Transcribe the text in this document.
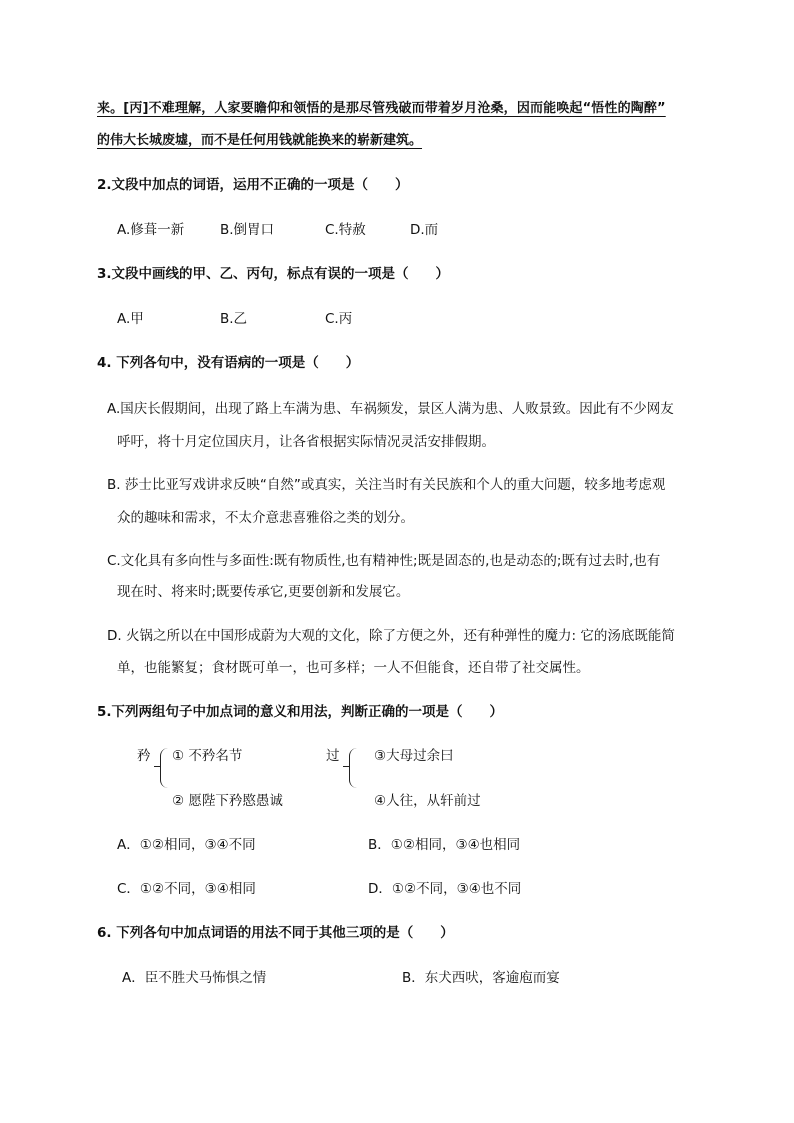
来。[丙]不难理解，人家要瞻仰和领悟的是那尽管残破而带着岁月沧桑，因而能唤起“悟性的陶醉”
的伟大长城废墟，而不是任何用钱就能换来的崭新建筑。
2.文段中加点的词语，运用不正确的一项是（　　）
A.修葺一新	B.倒胃口	C.特赦	D.而
3.文段中画线的甲、乙、丙句，标点有误的一项是（　　）
A.甲	B.乙	C.丙
4. 下列各句中，没有语病的一项是（　　）
A.国庆长假期间，出现了路上车满为患、车祸频发，景区人满为患、人败景致。因此有不少网友
呼吁，将十月定位国庆月，让各省根据实际情况灵活安排假期。
B. 莎士比亚写戏讲求反映“自然”或真实，关注当时有关民族和个人的重大问题，较多地考虑观
众的趣味和需求，不太介意悲喜雅俗之类的划分。
C.文化具有多向性与多面性:既有物质性,也有精神性;既是固态的,也是动态的;既有过去时,也有
现在时、将来时;既要传承它,更要创新和发展它。
D. 火锅之所以在中国形成蔚为大观的文化，除了方便之外，还有种弹性的魔力: 它的汤底既能简
单，也能繁复；食材既可单一，也可多样；一人不但能食，还自带了社交属性。
5.下列两组句子中加点词的意义和用法，判断正确的一项是（　　）
矜 ① 不矜名节
② 愿陛下矜愍愚诚
过	③大母过余曰
④人往，从轩前过
A．①②相同，③④不同	B．①②相同，③④也相同
C．①②不同，③④相同	D．①②不同，③④也不同
6. 下列各句中加点词语的用法不同于其他三项的是（　　）
A．臣不胜犬马怖惧之情	B．东犬西吠，客逾庖而宴
